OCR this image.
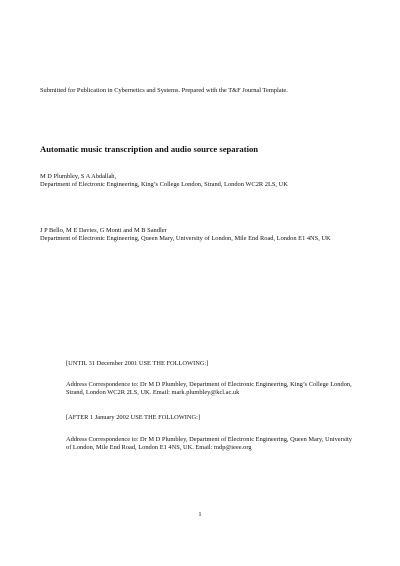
Submitted for Publication in Cybernetics and Systems. Prepared with the T&F Journal Template.
Automatic music transcription and audio source separation
M D Plumbley, S A Abdallah,
Department of Electronic Engineering, King’s College London, Strand, London WC2R 2LS, UK
J P Bello, M E Davies, G Monti and M B Sandler
Department of Electronic Engineering, Queen Mary, University of London, Mile End Road, London E1 4NS, UK
[UNTIL 31 December 2001 USE THE FOLLOWING:]
Address Correspondence to: Dr M D Plumbley, Department of Electronic Engineering, King’s College London, Strand, London WC2R 2LS, UK. Email: mark.plumbley@kcl.ac.uk
[AFTER 1 January 2002 USE THE FOLLOWING:]
Address Correspondence to: Dr M D Plumbley, Department of Electronic Engineering, Queen Mary, University of London, Mile End Road, London E1 4NS, UK. Email: mdp@ieee.org
1
